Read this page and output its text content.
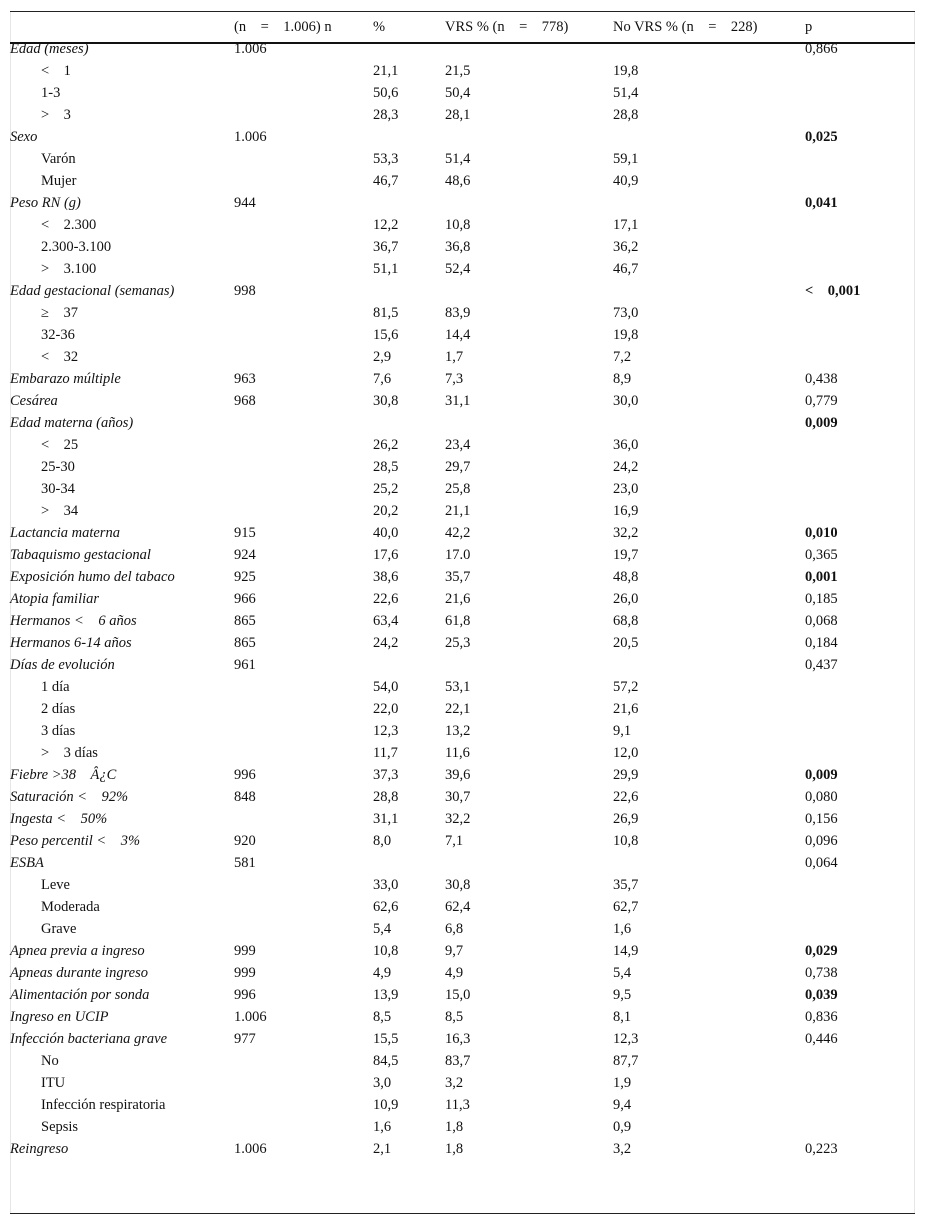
	(n = 1.006) n	%	VRS % (n = 778)	No VRS % (n = 228)	p
Edad (meses)	1.006				0,866
< 1		21,1	21,5	19,8	
1-3		50,6	50,4	51,4	
> 3		28,3	28,1	28,8	
Sexo	1.006				0,025
Varón		53,3	51,4	59,1	
Mujer		46,7	48,6	40,9	
Peso RN (g)	944				0,041
< 2.300		12,2	10,8	17,1	
2.300-3.100		36,7	36,8	36,2	
> 3.100		51,1	52,4	46,7	
Edad gestacional (semanas)	998				< 0,001
≥ 37		81,5	83,9	73,0	
32-36		15,6	14,4	19,8	
< 32		2,9	1,7	7,2	
Embarazo múltiple	963	7,6	7,3	8,9	0,438
Cesárea	968	30,8	31,1	30,0	0,779
Edad materna (años)					0,009
< 25		26,2	23,4	36,0	
25-30		28,5	29,7	24,2	
30-34		25,2	25,8	23,0	
> 34		20,2	21,1	16,9	
Lactancia materna	915	40,0	42,2	32,2	0,010
Tabaquismo gestacional	924	17,6	17.0	19,7	0,365
Exposición humo del tabaco	925	38,6	35,7	48,8	0,001
Atopia familiar	966	22,6	21,6	26,0	0,185
Hermanos < 6 años	865	63,4	61,8	68,8	0,068
Hermanos 6-14 años	865	24,2	25,3	20,5	0,184
Días de evolución	961				0,437
1 día		54,0	53,1	57,2	
2 días		22,0	22,1	21,6	
3 días		12,3	13,2	9,1	
> 3 días		11,7	11,6	12,0	
Fiebre >38 Â¿C	996	37,3	39,6	29,9	0,009
Saturación < 92%	848	28,8	30,7	22,6	0,080
Ingesta < 50%		31,1	32,2	26,9	0,156
Peso percentil < 3%	920	8,0	7,1	10,8	0,096
ESBA	581				0,064
Leve		33,0	30,8	35,7	
Moderada		62,6	62,4	62,7	
Grave		5,4	6,8	1,6	
Apnea previa a ingreso	999	10,8	9,7	14,9	0,029
Apneas durante ingreso	999	4,9	4,9	5,4	0,738
Alimentación por sonda	996	13,9	15,0	9,5	0,039
Ingreso en UCIP	1.006	8,5	8,5	8,1	0,836
Infección bacteriana grave	977	15,5	16,3	12,3	0,446
No		84,5	83,7	87,7	
ITU		3,0	3,2	1,9	
Infección respiratoria		10,9	11,3	9,4	
Sepsis		1,6	1,8	0,9	
Reingreso	1.006	2,1	1,8	3,2	0,223
